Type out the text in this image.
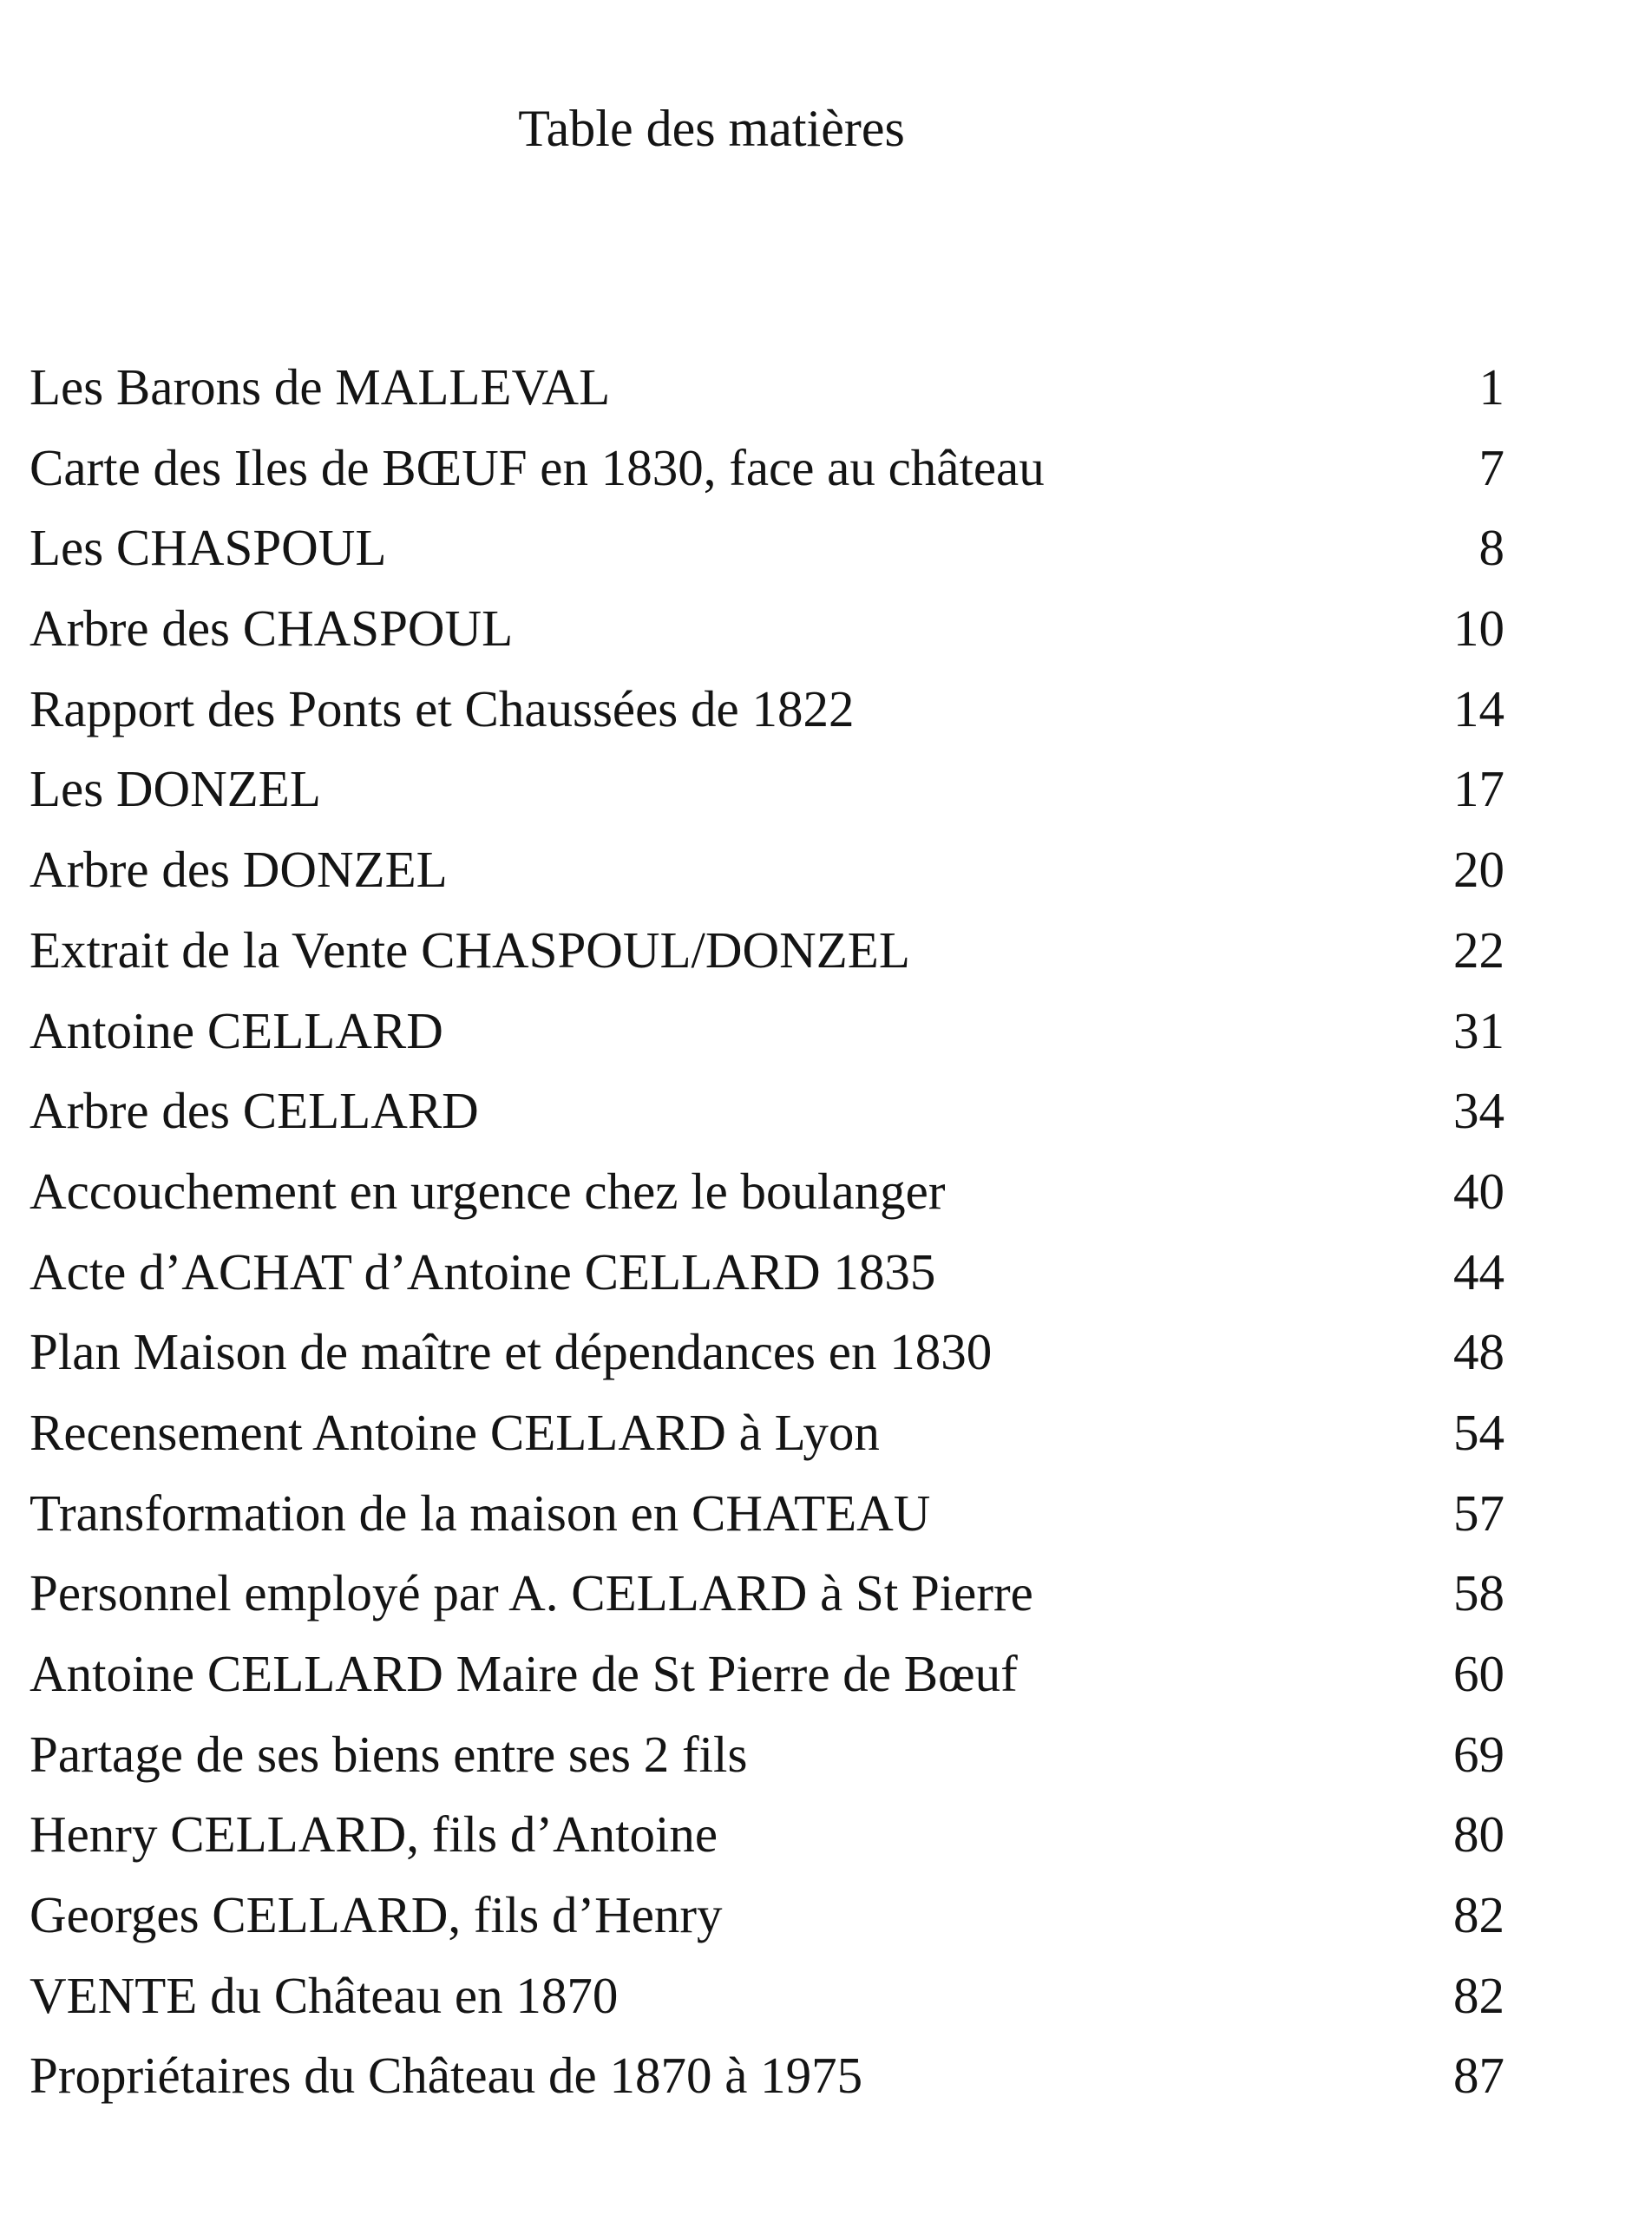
Table des matières
Les Barons de MALLEVAL	1
Carte des Iles de BŒUF en 1830, face au château	7
Les CHASPOUL	8
Arbre des CHASPOUL	10
Rapport des Ponts et Chaussées de 1822	14
Les DONZEL	17
Arbre des DONZEL	20
Extrait de la Vente CHASPOUL/DONZEL	22
Antoine CELLARD	31
Arbre des CELLARD	34
Accouchement en urgence chez le boulanger	40
Acte d’ACHAT d’Antoine CELLARD 1835	44
Plan Maison de maître et dépendances en 1830	48
Recensement Antoine CELLARD à Lyon	54
Transformation de la maison en CHATEAU	57
Personnel employé par A. CELLARD à St Pierre	58
Antoine CELLARD Maire de St Pierre de Bœuf	60
Partage de ses biens entre ses 2 fils	69
Henry CELLARD, fils d’Antoine	80
Georges CELLARD, fils d’Henry	82
VENTE du Château en 1870	82
Propriétaires du Château de 1870 à 1975	87
